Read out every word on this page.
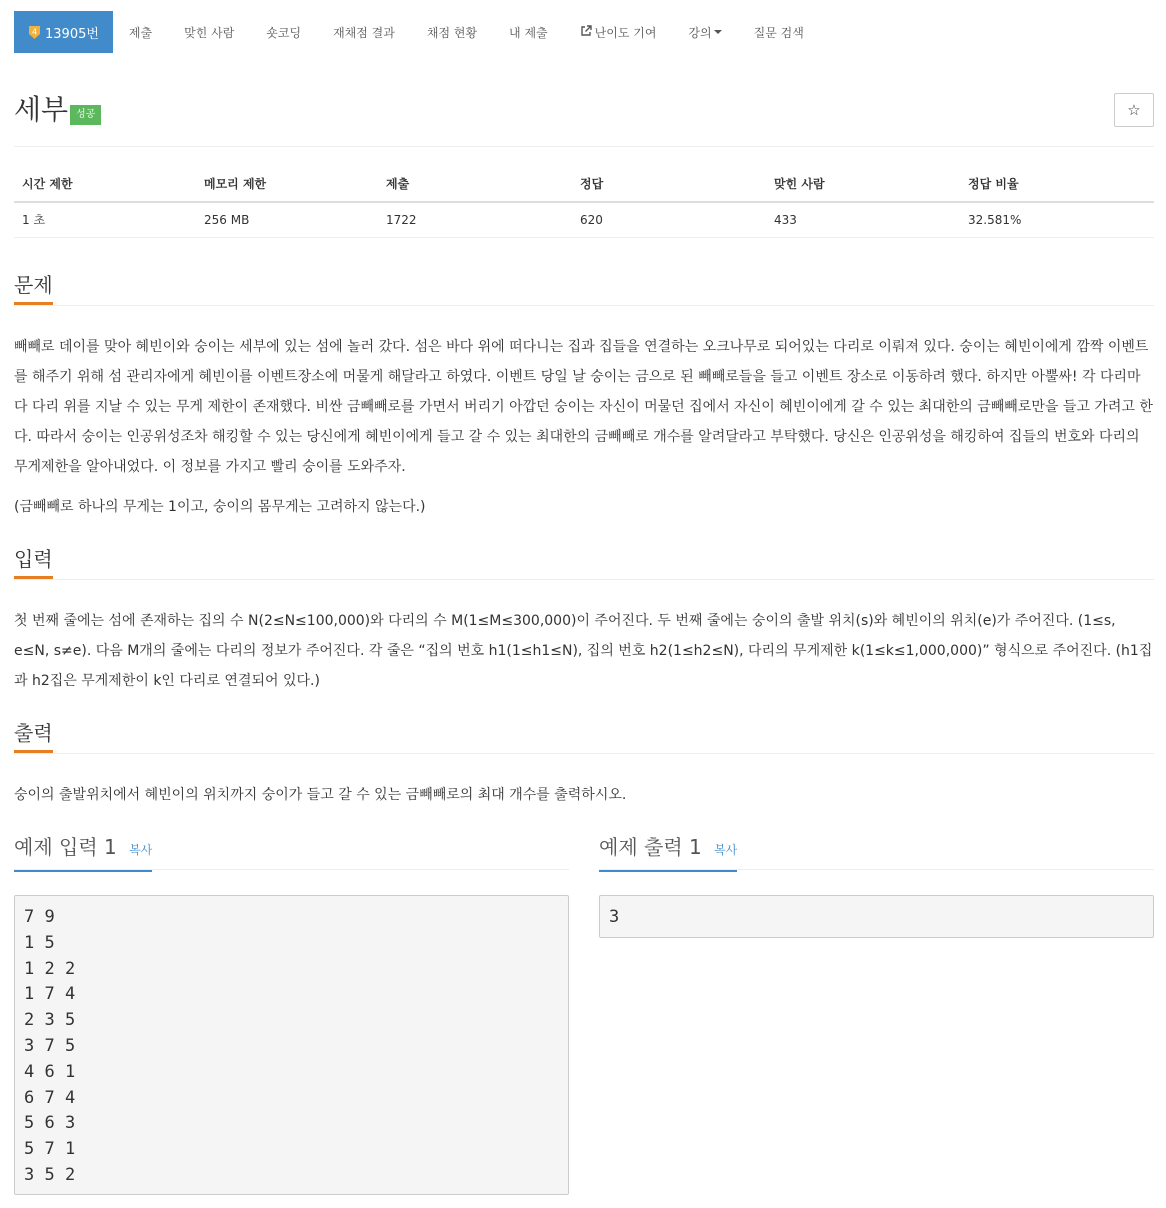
4 13905번	제출	맞힌 사람	숏코딩	재채점 결과	채점 현황	내 제출	난이도 기여	강의	질문 검색
세부 성공	☆
시간 제한	메모리 제한	제출	정답	맞힌 사람	정답 비율
1 초	256 MB	1722	620	433	32.581%
문제

빼빼로 데이를 맞아 혜빈이와 숭이는 세부에 있는 섬에 놀러 갔다. 섬은 바다 위에 떠다니는 집과 집들을 연결하는 오크나무로 되어있는 다리로 이뤄져 있다. 숭이는 혜빈이에게 깜짝 이벤트를 해주기 위해 섬 관리자에게 혜빈이를 이벤트장소에 머물게 해달라고 하였다. 이벤트 당일 날 숭이는 금으로 된 빼빼로들을 들고 이벤트 장소로 이동하려 했다. 하지만 아뿔싸! 각 다리마다 다리 위를 지날 수 있는 무게 제한이 존재했다. 비싼 금빼빼로를 가면서 버리기 아깝던 숭이는 자신이 머물던 집에서 자신이 혜빈이에게 갈 수 있는 최대한의 금빼빼로만을 들고 가려고 한다. 따라서 숭이는 인공위성조차 해킹할 수 있는 당신에게 혜빈이에게 들고 갈 수 있는 최대한의 금빼빼로 개수를 알려달라고 부탁했다. 당신은 인공위성을 해킹하여 집들의 번호와 다리의 무게제한을 알아내었다. 이 정보를 가지고 빨리 숭이를 도와주자.

(금빼빼로 하나의 무게는 1이고, 숭이의 몸무게는 고려하지 않는다.)

입력

첫 번째 줄에는 섬에 존재하는 집의 수 N(2≤N≤100,000)와 다리의 수 M(1≤M≤300,000)이 주어진다. 두 번째 줄에는 숭이의 출발 위치(s)와 혜빈이의 위치(e)가 주어진다. (1≤s, e≤N, s≠e). 다음 M개의 줄에는 다리의 정보가 주어진다. 각 줄은 “집의 번호 h1(1≤h1≤N), 집의 번호 h2(1≤h2≤N), 다리의 무게제한 k(1≤k≤1,000,000)” 형식으로 주어진다. (h1집과 h2집은 무게제한이 k인 다리로 연결되어 있다.)

출력

숭이의 출발위치에서 혜빈이의 위치까지 숭이가 들고 갈 수 있는 금빼빼로의 최대 개수를 출력하시오.

예제 입력 1 복사
7 9
1 5
1 2 2
1 7 4
2 3 5
3 7 5
4 6 1
6 7 4
5 6 3
5 7 1
3 5 2
예제 출력 1 복사
3
